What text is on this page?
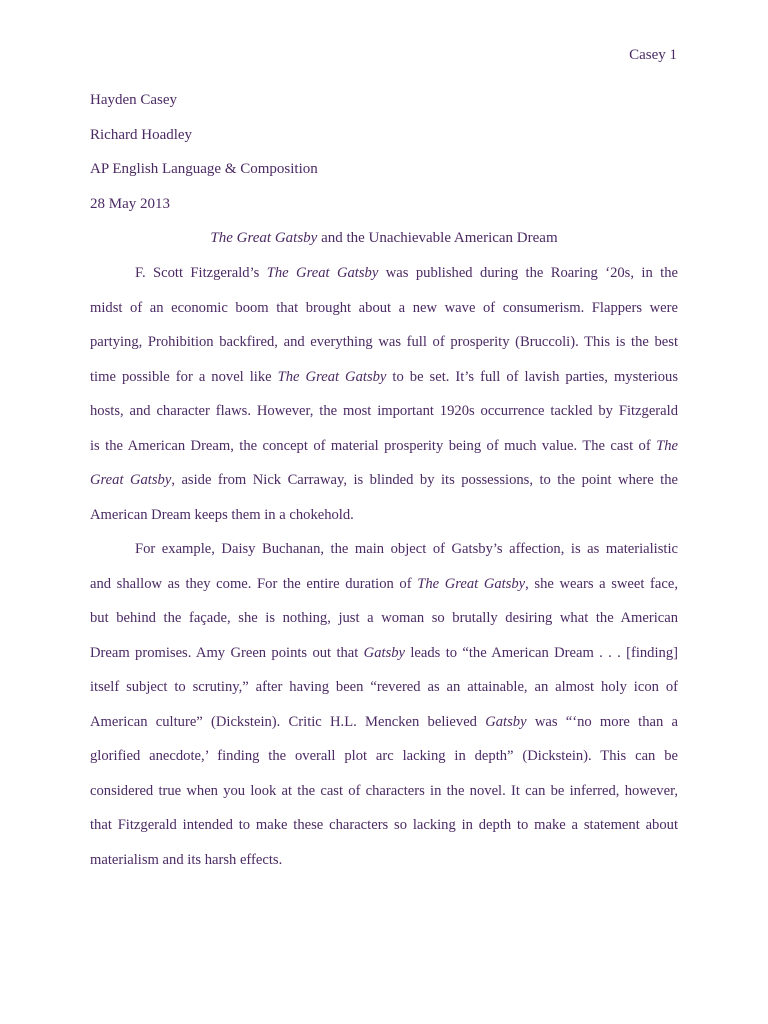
Casey 1
Hayden Casey
Richard Hoadley
AP English Language & Composition
28 May 2013
The Great Gatsby and the Unachievable American Dream
F. Scott Fitzgerald’s The Great Gatsby was published during the Roaring ‘20s, in the
midst of an economic boom that brought about a new wave of consumerism. Flappers were
partying, Prohibition backfired, and everything was full of prosperity (Bruccoli). This is the best
time possible for a novel like The Great Gatsby to be set. It’s full of lavish parties, mysterious
hosts, and character flaws. However, the most important 1920s occurrence tackled by Fitzgerald
is the American Dream, the concept of material prosperity being of much value. The cast of The
Great Gatsby, aside from Nick Carraway, is blinded by its possessions, to the point where the
American Dream keeps them in a chokehold.
For example, Daisy Buchanan, the main object of Gatsby’s affection, is as materialistic
and shallow as they come. For the entire duration of The Great Gatsby, she wears a sweet face,
but behind the façade, she is nothing, just a woman so brutally desiring what the American
Dream promises. Amy Green points out that Gatsby leads to “the American Dream . . . [finding]
itself subject to scrutiny,” after having been “revered as an attainable, an almost holy icon of
American culture” (Dickstein). Critic H.L. Mencken believed Gatsby was “‘no more than a
glorified anecdote,’ finding the overall plot arc lacking in depth” (Dickstein). This can be
considered true when you look at the cast of characters in the novel. It can be inferred, however,
that Fitzgerald intended to make these characters so lacking in depth to make a statement about
materialism and its harsh effects.
